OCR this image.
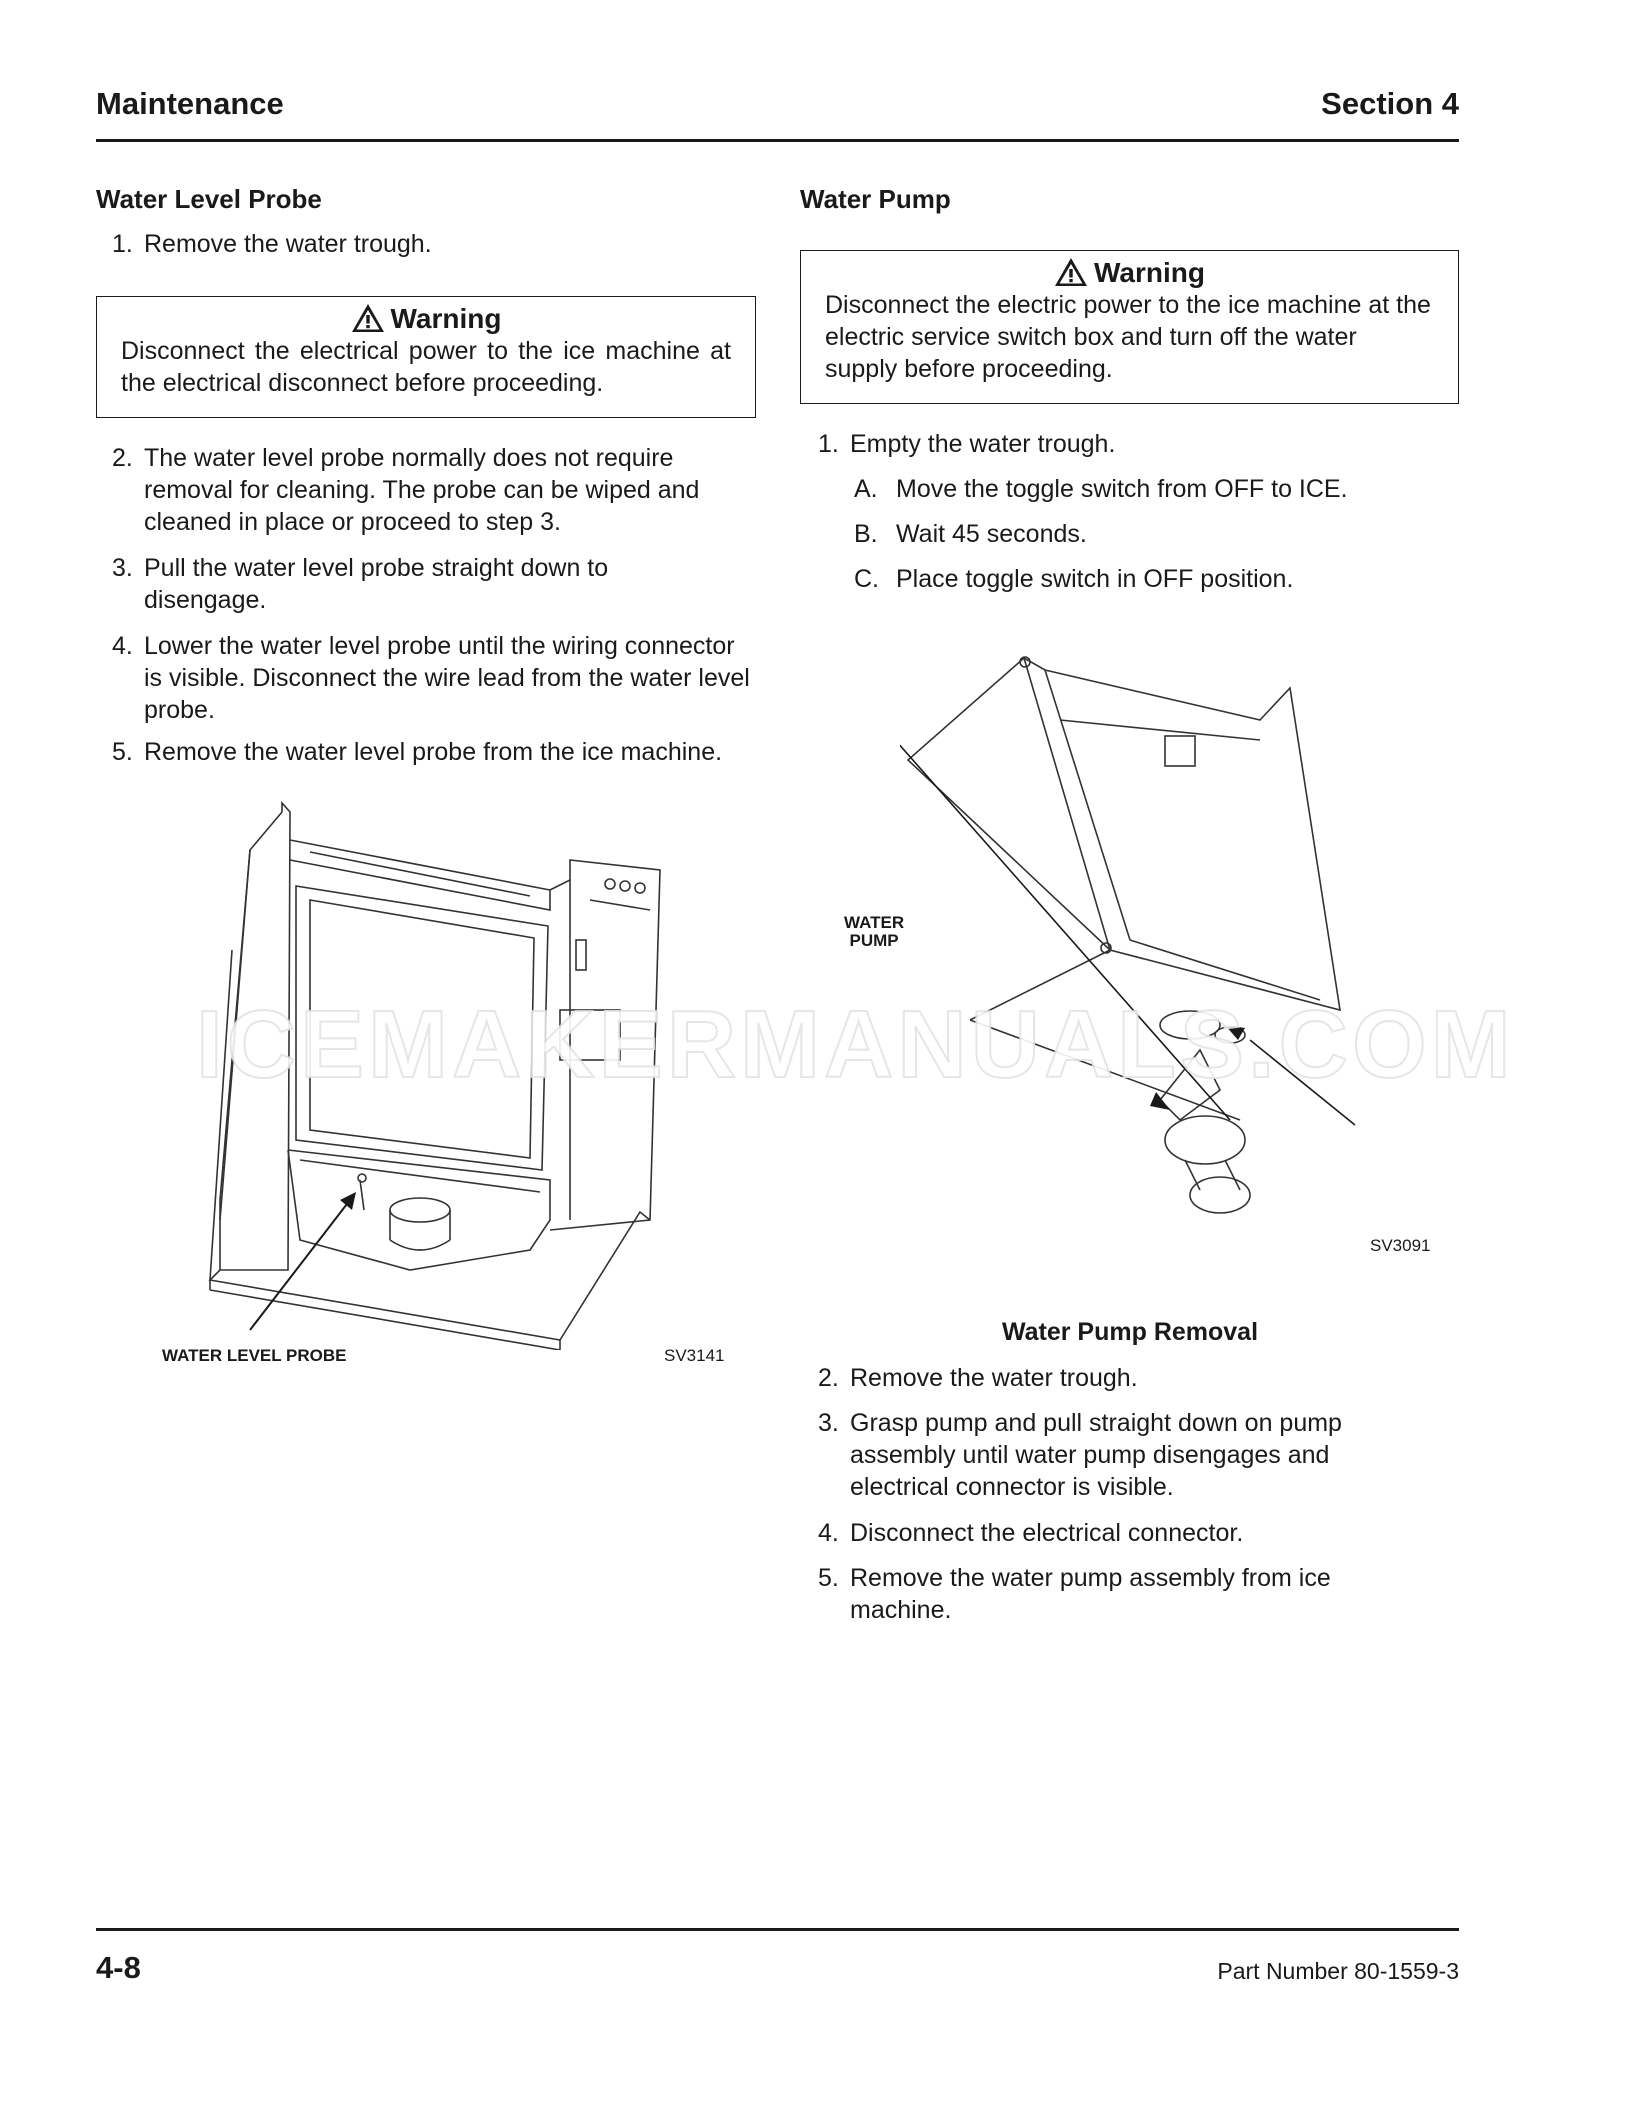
Maintenance	Section 4
Water Level Probe
1. Remove the water trough.
Warning
Disconnect the electrical power to the ice machine at the electrical disconnect before proceeding.
2. The water level probe normally does not require removal for cleaning. The probe can be wiped and cleaned in place or proceed to step 3.
3. Pull the water level probe straight down to disengage.
4. Lower the water level probe until the wiring connector is visible. Disconnect the wire lead from the water level probe.
5. Remove the water level probe from the ice machine.
WATER LEVEL PROBE	SV3141
Water Pump
Warning
Disconnect the electric power to the ice machine at the electric service switch box and turn off the water supply before proceeding.
1. Empty the water trough.
A. Move the toggle switch from OFF to ICE.
B. Wait 45 seconds.
C. Place toggle switch in OFF position.
WATER
PUMP
SV3091
Water Pump Removal
2. Remove the water trough.
3. Grasp pump and pull straight down on pump assembly until water pump disengages and electrical connector is visible.
4. Disconnect the electrical connector.
5. Remove the water pump assembly from ice machine.
ICEMAKERMANUALS.COM
4-8	Part Number 80-1559-3
